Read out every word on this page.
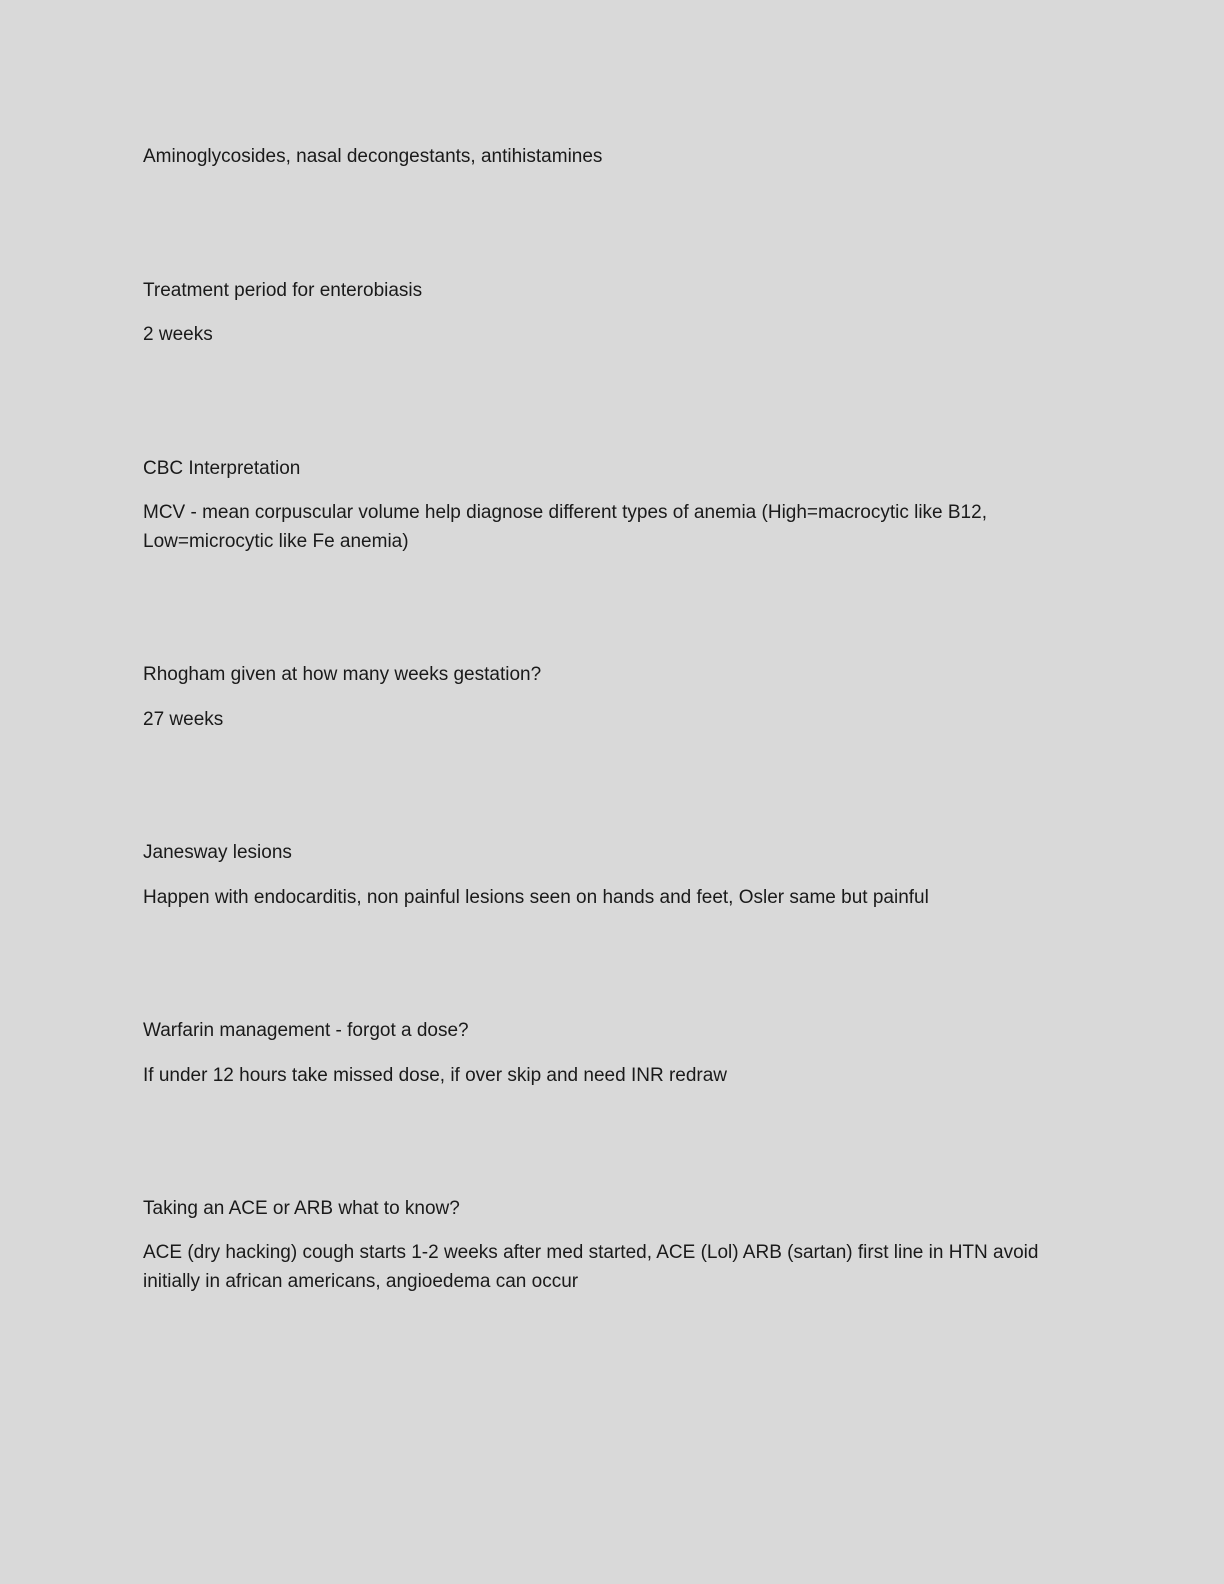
Aminoglycosides, nasal decongestants, antihistamines

Treatment period for enterobiasis

2 weeks

CBC Interpretation

MCV - mean corpuscular volume help diagnose different types of anemia (High=macrocytic like B12, Low=microcytic like Fe anemia)

Rhogham given at how many weeks gestation?

27 weeks

Janesway lesions

Happen with endocarditis, non painful lesions seen on hands and feet, Osler same but painful

Warfarin management - forgot a dose?

If under 12 hours take missed dose, if over skip and need INR redraw

Taking an ACE or ARB what to know?

ACE (dry hacking) cough starts 1-2 weeks after med started, ACE (Lol) ARB (sartan) first line in HTN avoid initially in african americans, angioedema can occur
